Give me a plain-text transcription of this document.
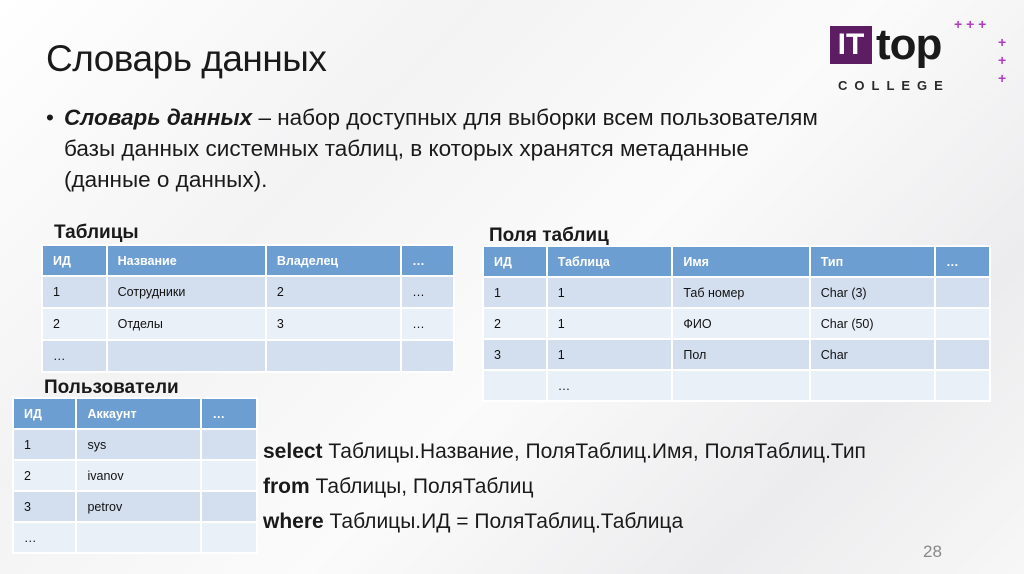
Словарь данных	IT top
COLLEGE
+ + +
+
+
+
• Словарь данных – набор доступных для выборки всем пользователям базы данных системных таблиц, в которых хранятся метаданные (данные о данных).
Таблицы
ИД	Название	Владелец	…
1	Сотрудники	2	…
2	Отделы	3	…
…			
Поля таблиц
ИД	Таблица	Имя	Тип	…
1	1	Таб номер	Char (3)	
2	1	ФИО	Char (50)	
3	1	Пол	Char	
	…			
Пользователи
ИД	Аккаунт	…
1	sys	
2	ivanov	
3	petrov	
…		
select Таблицы.Название, ПоляТаблиц.Имя, ПоляТаблиц.Тип
from Таблицы, ПоляТаблиц
where Таблицы.ИД = ПоляТаблиц.Таблица
28
